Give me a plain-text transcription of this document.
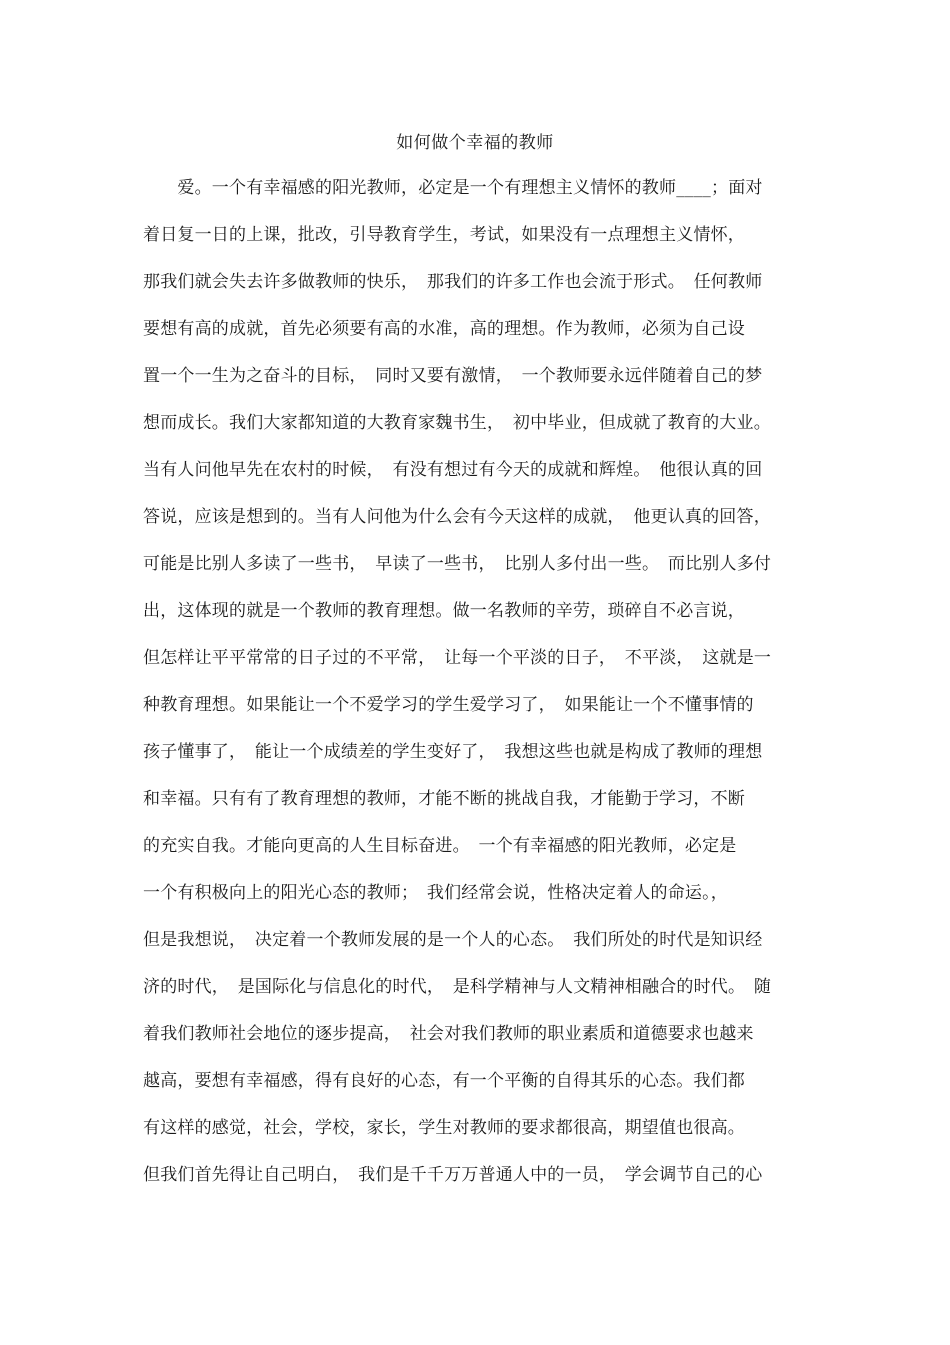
如何做个幸福的教师
　　爱。一个有幸福感的阳光教师，必定是一个有理想主义情怀的教师____；面对
着日复一日的上课，批改，引导教育学生，考试，如果没有一点理想主义情怀，
那我们就会失去许多做教师的快乐，　那我们的许多工作也会流于形式。　任何教师
要想有高的成就，首先必须要有高的水准，高的理想。作为教师，必须为自己设
置一个一生为之奋斗的目标，　同时又要有激情，　一个教师要永远伴随着自己的梦
想而成长。我们大家都知道的大教育家魏书生，　初中毕业，但成就了教育的大业。
当有人问他早先在农村的时候，　有没有想过有今天的成就和辉煌。　他很认真的回
答说，应该是想到的。当有人问他为什么会有今天这样的成就，　他更认真的回答，
可能是比别人多读了一些书，　早读了一些书，　比别人多付出一些。　而比别人多付
出，这体现的就是一个教师的教育理想。做一名教师的辛劳，琐碎自不必言说，
但怎样让平平常常的日子过的不平常，　让每一个平淡的日子，　不平淡，　这就是一
种教育理想。如果能让一个不爱学习的学生爱学习了，　如果能让一个不懂事情的
孩子懂事了，　能让一个成绩差的学生变好了，　我想这些也就是构成了教师的理想
和幸福。只有有了教育理想的教师，才能不断的挑战自我，才能勤于学习，不断
的充实自我。才能向更高的人生目标奋进。　一个有幸福感的阳光教师，必定是
一个有积极向上的阳光心态的教师；　我们经常会说，性格决定着人的命运。，
但是我想说，　决定着一个教师发展的是一个人的心态。　我们所处的时代是知识经
济的时代，　是国际化与信息化的时代，　是科学精神与人文精神相融合的时代。　随
着我们教师社会地位的逐步提高，　社会对我们教师的职业素质和道德要求也越来
越高，要想有幸福感，得有良好的心态，有一个平衡的自得其乐的心态。我们都
有这样的感觉，社会，学校，家长，学生对教师的要求都很高，期望值也很高。
但我们首先得让自己明白，　我们是千千万万普通人中的一员，　学会调节自己的心
